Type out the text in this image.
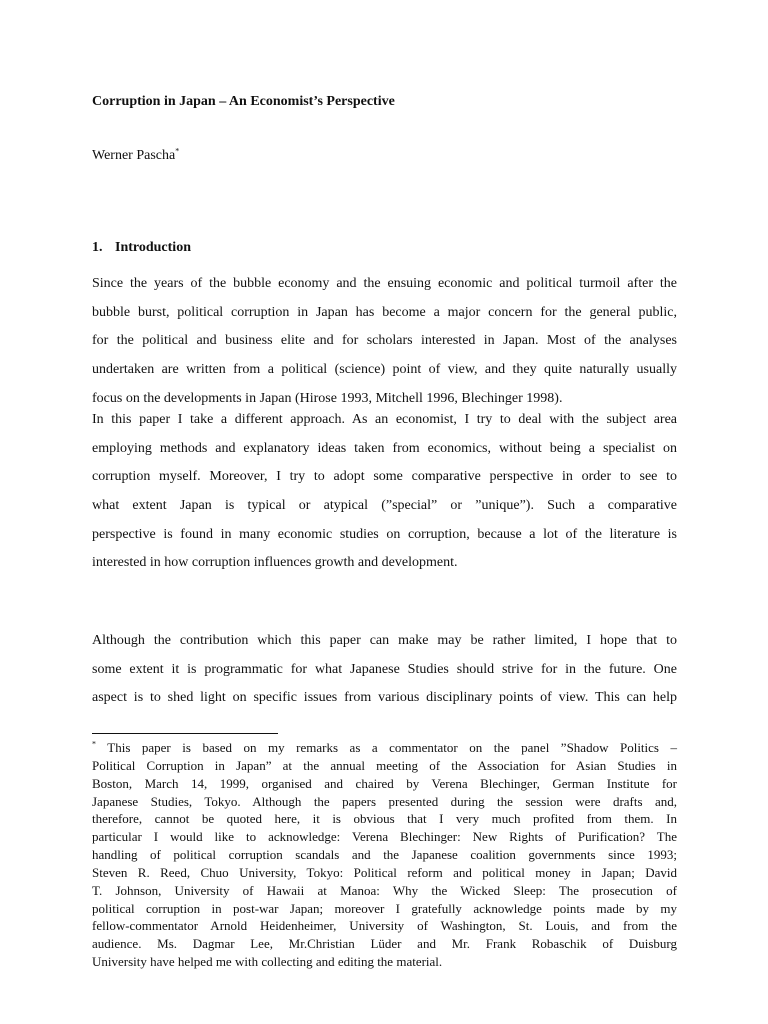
Corruption in Japan – An Economist’s Perspective
Werner Pascha*
1. Introduction
Since the years of the bubble economy and the ensuing economic and political turmoil after the
bubble burst, political corruption in Japan has become a major concern for the general public,
for the political and business elite and for scholars interested in Japan. Most of the analyses
undertaken are written from a political (science) point of view, and they quite naturally usually
focus on the developments in Japan (Hirose 1993, Mitchell 1996, Blechinger 1998).
In this paper I take a different approach. As an economist, I try to deal with the subject area
employing methods and explanatory ideas taken from economics, without being a specialist on
corruption myself. Moreover, I try to adopt some comparative perspective in order to see to
what extent Japan is typical or atypical (”special” or ”unique”). Such a comparative
perspective is found in many economic studies on corruption, because a lot of the literature is
interested in how corruption influences growth and development.
Although the contribution which this paper can make may be rather limited, I hope that to
some extent it is programmatic for what Japanese Studies should strive for in the future. One
aspect is to shed light on specific issues from various disciplinary points of view. This can help
* This paper is based on my remarks as a commentator on the panel ”Shadow Politics –
Political Corruption in Japan” at the annual meeting of the Association for Asian Studies in
Boston, March 14, 1999, organised and chaired by Verena Blechinger, German Institute for
Japanese Studies, Tokyo. Although the papers presented during the session were drafts and,
therefore, cannot be quoted here, it is obvious that I very much profited from them. In
particular I would like to acknowledge: Verena Blechinger: New Rights of Purification? The
handling of political corruption scandals and the Japanese coalition governments since 1993;
Steven R. Reed, Chuo University, Tokyo: Political reform and political money in Japan; David
T. Johnson, University of Hawaii at Manoa: Why the Wicked Sleep: The prosecution of
political corruption in post-war Japan; moreover I gratefully acknowledge points made by my
fellow-commentator Arnold Heidenheimer, University of Washington, St. Louis, and from the
audience. Ms. Dagmar Lee, Mr.Christian Lüder and Mr. Frank Robaschik of Duisburg
University have helped me with collecting and editing the material.
